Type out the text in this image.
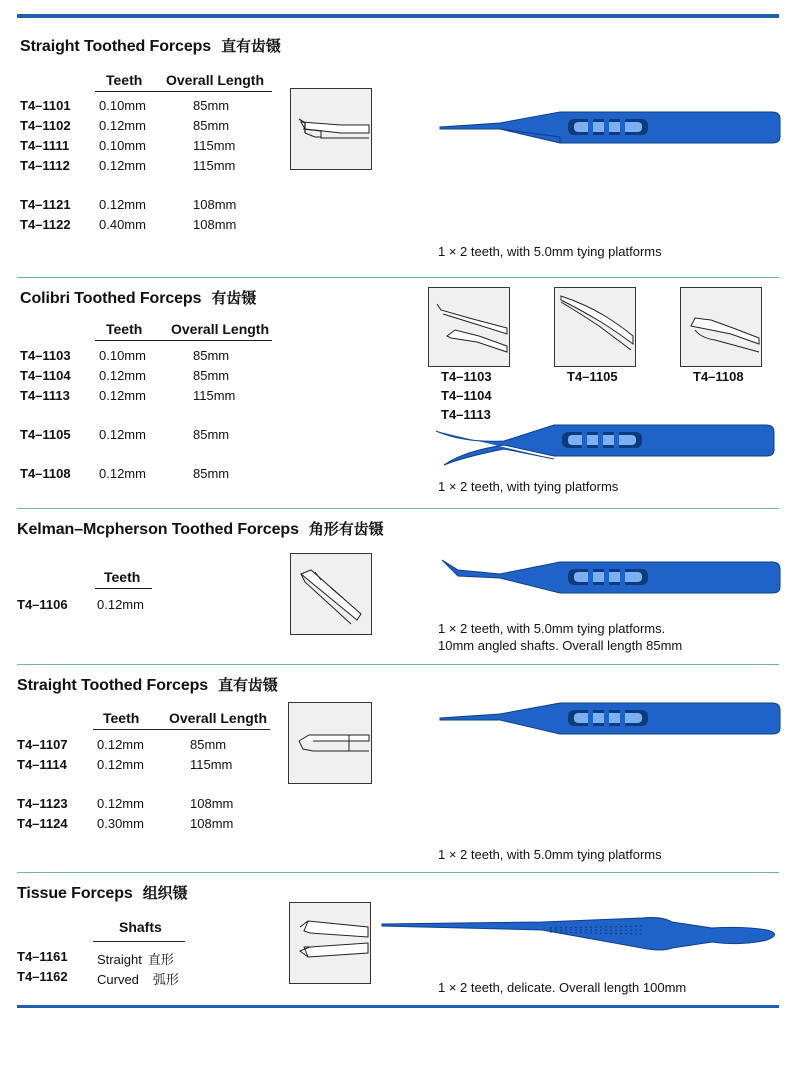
Straight Toothed Forceps 直有齿镊
Teeth Overall Length
T4–1101 0.10mm	85mm
T4–1102 0.12mm	85mm
T4–1111 0.10mm	115mm
T4–1112 0.12mm	115mm
T4–1121 0.12mm	108mm
T4–1122 0.40mm	108mm
1 × 2 teeth, with 5.0mm tying platforms
Colibri Toothed Forceps 有齿镊
Teeth Overall Length
T4–1103 0.10mm	85mm
T4–1104 0.12mm	85mm
T4–1113 0.12mm	115mm
T4–1105 0.12mm	85mm
T4–1108 0.12mm	85mm
T4–1103
T4–1104
T4–1113
T4–1105	T4–1108
1 × 2 teeth, with tying platforms
Kelman–Mcpherson Toothed Forceps 角形有齿镊
Teeth
T4–1106 0.12mm
1 × 2 teeth, with 5.0mm tying platforms.
10mm angled shafts. Overall length 85mm
Straight Toothed Forceps 直有齿镊
Teeth Overall Length
T4–1107 0.12mm	85mm
T4–1114 0.12mm	115mm
T4–1123 0.12mm	108mm
T4–1124 0.30mm	108mm
1 × 2 teeth, with 5.0mm tying platforms
Tissue Forceps 组织镊
Shafts
T4–1161 Straight 直形
T4–1162 Curved 弧形	1 × 2 teeth, delicate. Overall length 100mm
